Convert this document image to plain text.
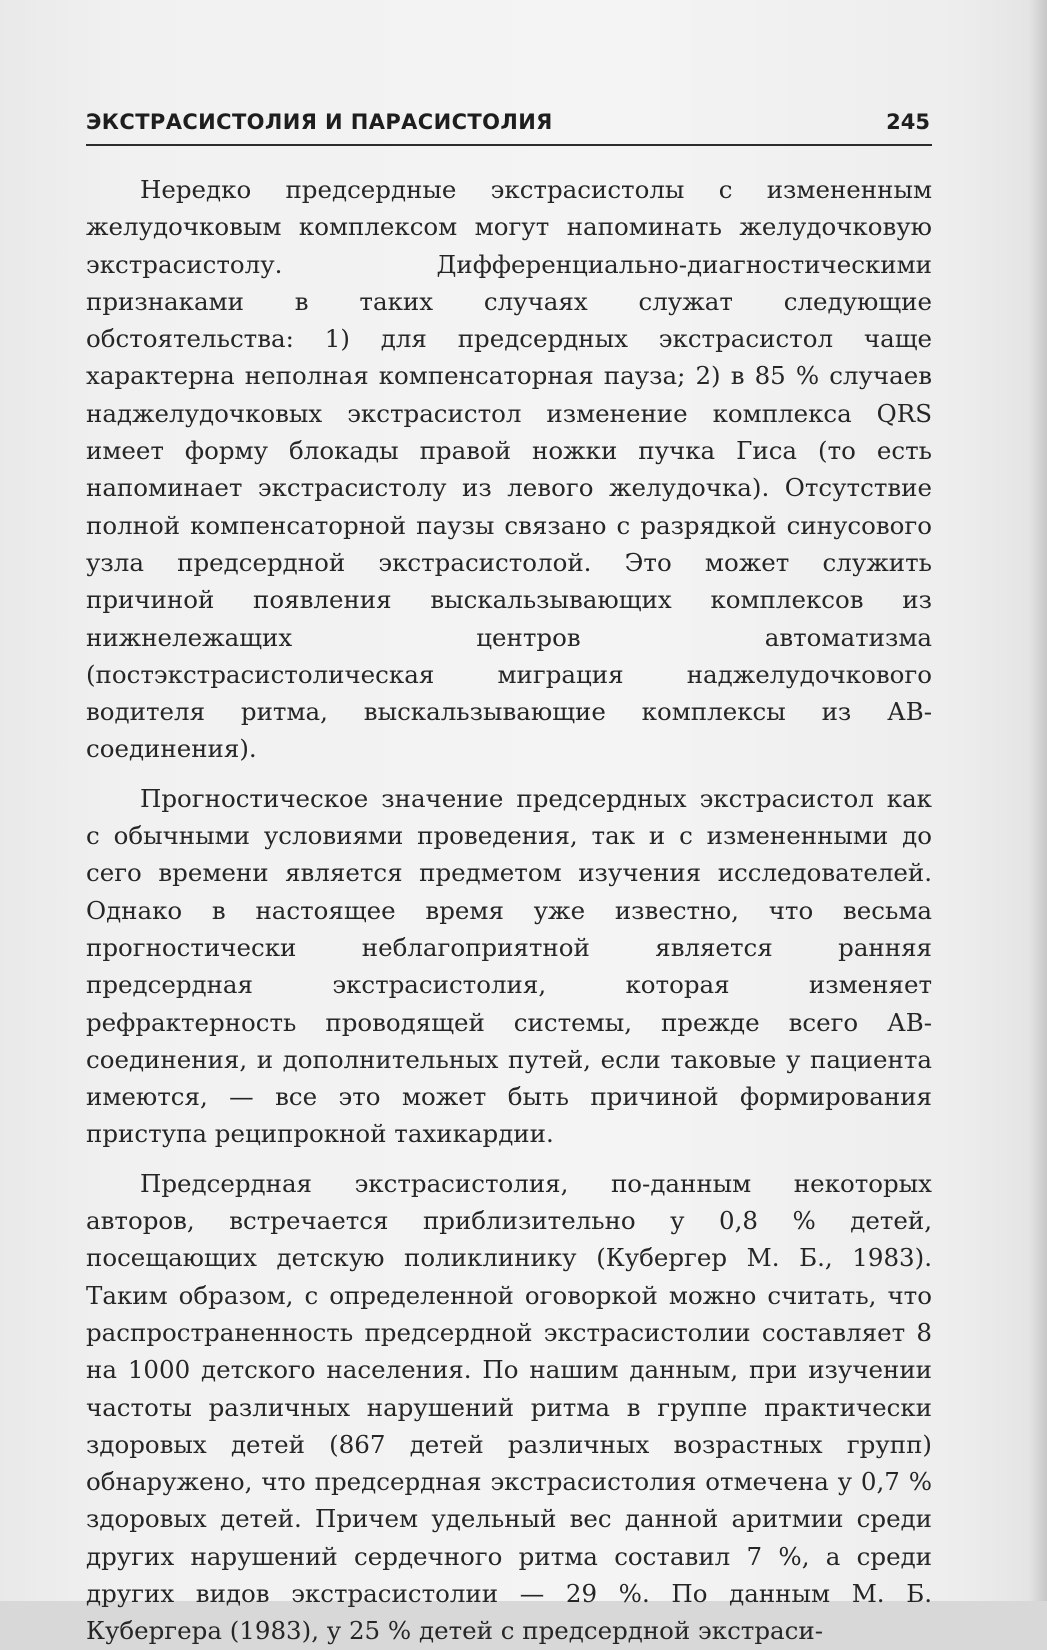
ЭКСТРАСИСТОЛИЯ И ПАРАСИСТОЛИЯ	245

Нередко предсердные экстрасистолы с измененным желудочковым комплексом могут напоминать желудочковую экстрасистолу. Дифференциально-диагностическими признаками в таких случаях служат следующие обстоятельства: 1) для предсердных экстрасистол чаще характерна неполная компенсаторная пауза; 2) в 85 % случаев наджелудочковых экстрасистол изменение комплекса QRS имеет форму блокады правой ножки пучка Гиса (то есть напоминает экстрасистолу из левого желудочка). Отсутствие полной компенсаторной паузы связано с разрядкой синусового узла предсердной экстрасистолой. Это может служить причиной появления выскальзывающих комплексов из нижнележащих центров автоматизма (постэкстрасистолическая миграция наджелудочкового водителя ритма, выскальзывающие комплексы из АВ-соединения).

Прогностическое значение предсердных экстрасистол как с обычными условиями проведения, так и с измененными до сего времени является предметом изучения исследователей. Однако в настоящее время уже известно, что весьма прогностически неблагоприятной является ранняя предсердная экстрасистолия, которая изменяет рефрактерность проводящей системы, прежде всего АВ-соединения, и дополнительных путей, если таковые у пациента имеются, — все это может быть причиной формирования приступа реципрокной тахикардии.

Предсердная экстрасистолия, по-данным некоторых авторов, встречается приблизительно у 0,8 % детей, посещающих детскую поликлинику (Кубергер М. Б., 1983). Таким образом, с определенной оговоркой можно считать, что распространенность предсердной экстрасистолии составляет 8 на 1000 детского населения. По нашим данным, при изучении частоты различных нарушений ритма в группе практически здоровых детей (867 детей различных возрастных групп) обнаружено, что предсердная экстрасистолия отмечена у 0,7 % здоровых детей. Причем удельный вес данной аритмии среди других нарушений сердечного ритма составил 7 %, а среди других видов экстрасистолии — 29 %. По данным М. Б. Кубергера (1983), у 25 % детей с предсердной экстраси-
